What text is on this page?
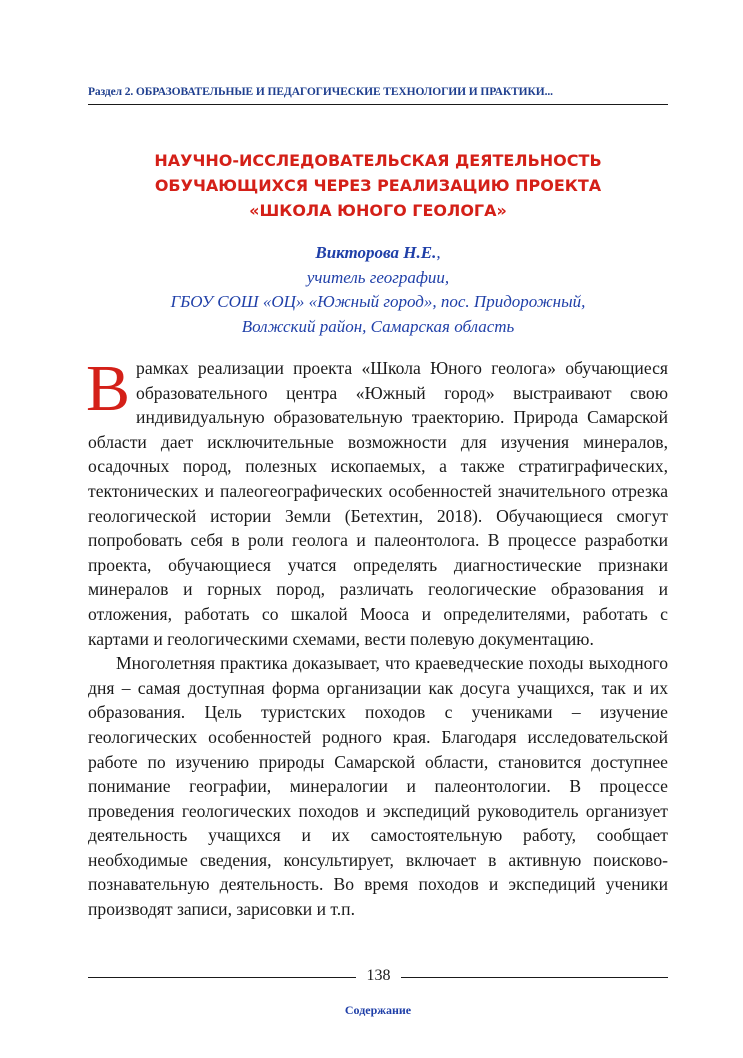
Раздел 2. ОБРАЗОВАТЕЛЬНЫЕ И ПЕДАГОГИЧЕСКИЕ ТЕХНОЛОГИИ И ПРАКТИКИ...
НАУЧНО-ИССЛЕДОВАТЕЛЬСКАЯ ДЕЯТЕЛЬНОСТЬ
ОБУЧАЮЩИХСЯ ЧЕРЕЗ РЕАЛИЗАЦИЮ ПРОЕКТА
«ШКОЛА ЮНОГО ГЕОЛОГА»
Викторова Н.Е.,
учитель географии,
ГБОУ СОШ «ОЦ» «Южный город», пос. Придорожный,
Волжский район, Самарская область

Врамках реализации проекта «Школа Юного геолога» обучающиеся образовательного центра «Южный город» выстраивают свою индивидуальную образовательную траекторию. Природа Самарской области дает исключительные возможности для изучения минералов, осадочных пород, полезных ископаемых, а также стратиграфических, тектонических и палеогеографических особенностей значительного отрезка геологической истории Земли (Бетехтин, 2018). Обучающиеся смогут попробовать себя в роли геолога и палеонтолога. В процессе разработки проекта, обучающиеся учатся определять диагностические признаки минералов и горных пород, различать геологические образования и отложения, работать со шкалой Мооса и определителями, работать с картами и геологическими схемами, вести полевую документацию.

Многолетняя практика доказывает, что краеведческие походы выходного дня – самая доступная форма организации как досуга учащихся, так и их образования. Цель туристских походов с учениками – изучение геологических особенностей родного края. Благодаря исследовательской работе по изучению природы Самарской области, становится доступнее понимание географии, минералогии и палеонтологии. В процессе проведения геологических походов и экспедиций руководитель организует деятельность учащихся и их самостоятельную работу, сообщает необходимые сведения, консультирует, включает в активную поисково-познавательную деятельность. Во время походов и экспедиций ученики производят записи, зарисовки и т.п.

138
Содержание
